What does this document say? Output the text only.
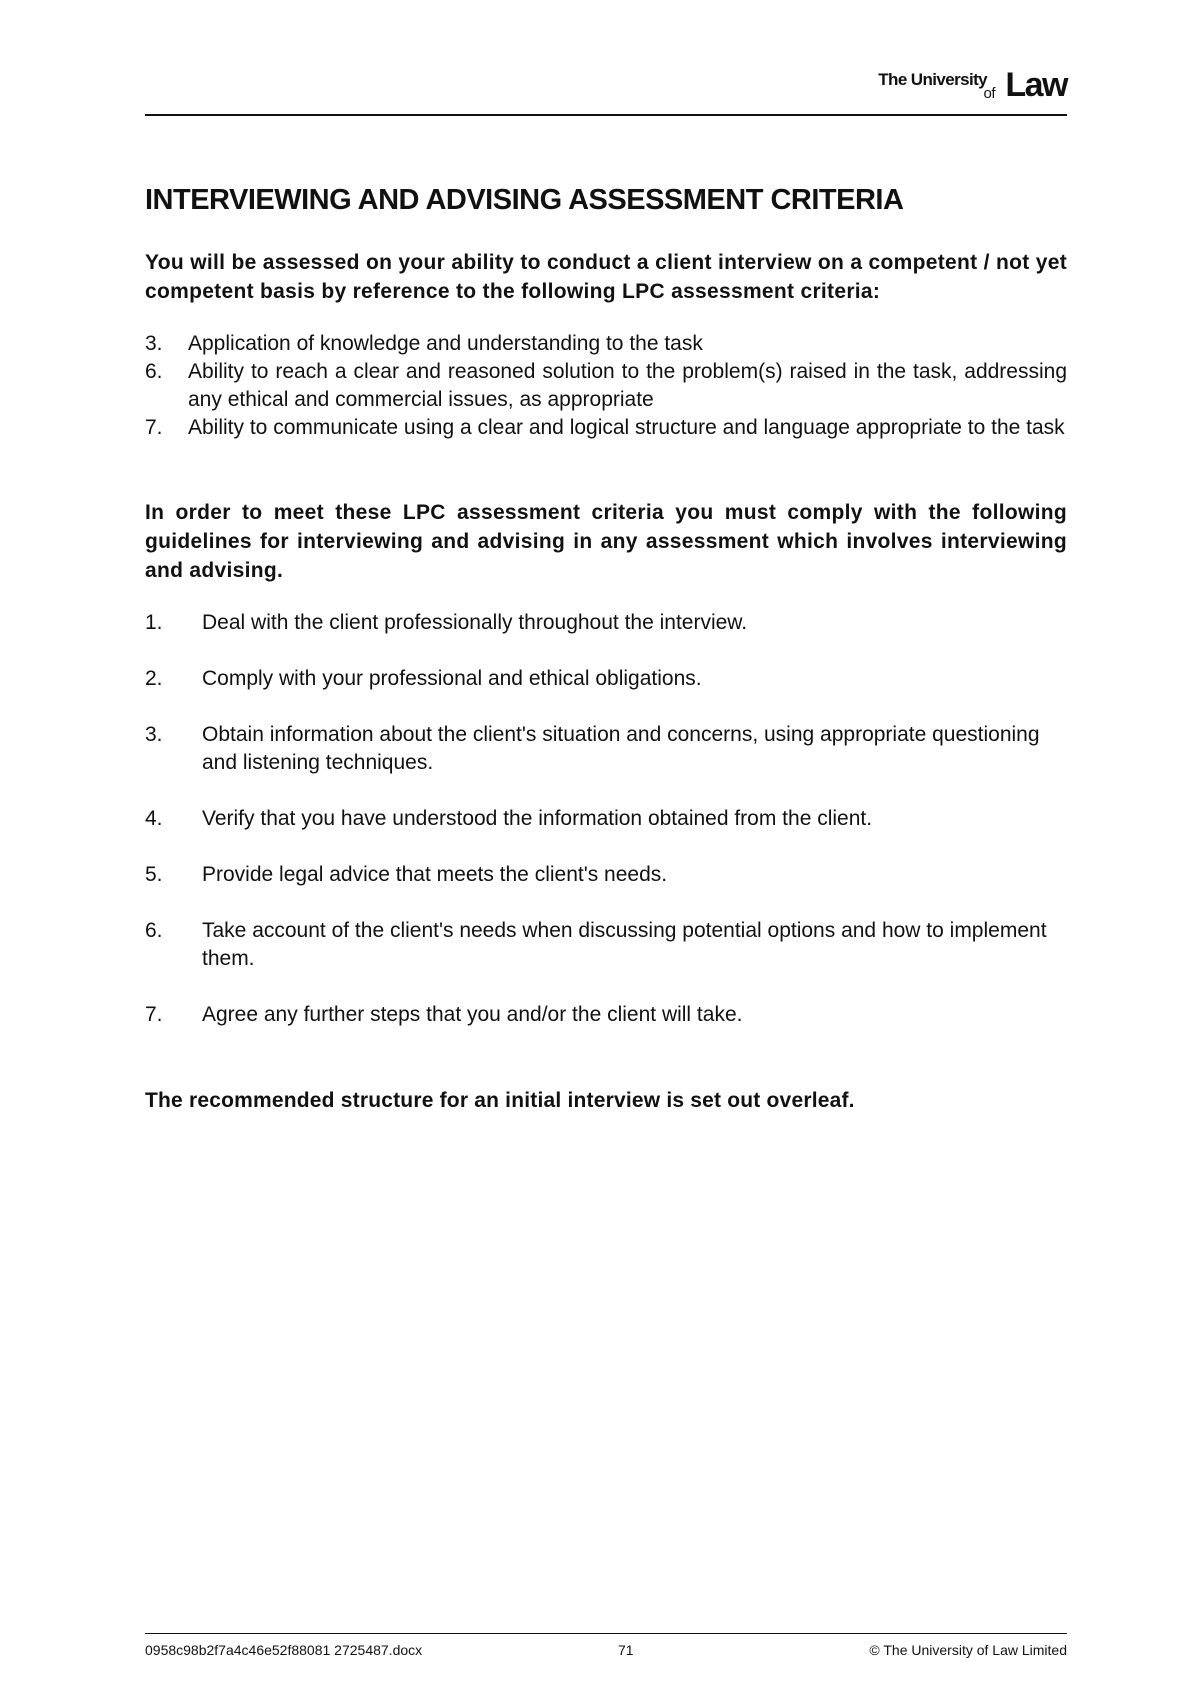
The University
of Law
INTERVIEWING AND ADVISING ASSESSMENT CRITERIA

You will be assessed on your ability to conduct a client interview on a competent / not yet competent basis by reference to the following LPC assessment criteria:

3.	Application of knowledge and understanding to the task
6.	Ability to reach a clear and reasoned solution to the problem(s) raised in the task, addressing any ethical and commercial issues, as appropriate
7.	Ability to communicate using a clear and logical structure and language appropriate to the task

In order to meet these LPC assessment criteria you must comply with the following guidelines for interviewing and advising in any assessment which involves interviewing and advising.

1.	Deal with the client professionally throughout the interview.
2.	Comply with your professional and ethical obligations.
3.	Obtain information about the client's situation and concerns, using appropriate questioning and listening techniques.
4.	Verify that you have understood the information obtained from the client.
5.	Provide legal advice that meets the client's needs.
6.	Take account of the client's needs when discussing potential options and how to implement them.
7.	Agree any further steps that you and/or the client will take.

The recommended structure for an initial interview is set out overleaf.

0958c98b2f7a4c46e52f88081 2725487.docx	71	© The University of Law Limited
